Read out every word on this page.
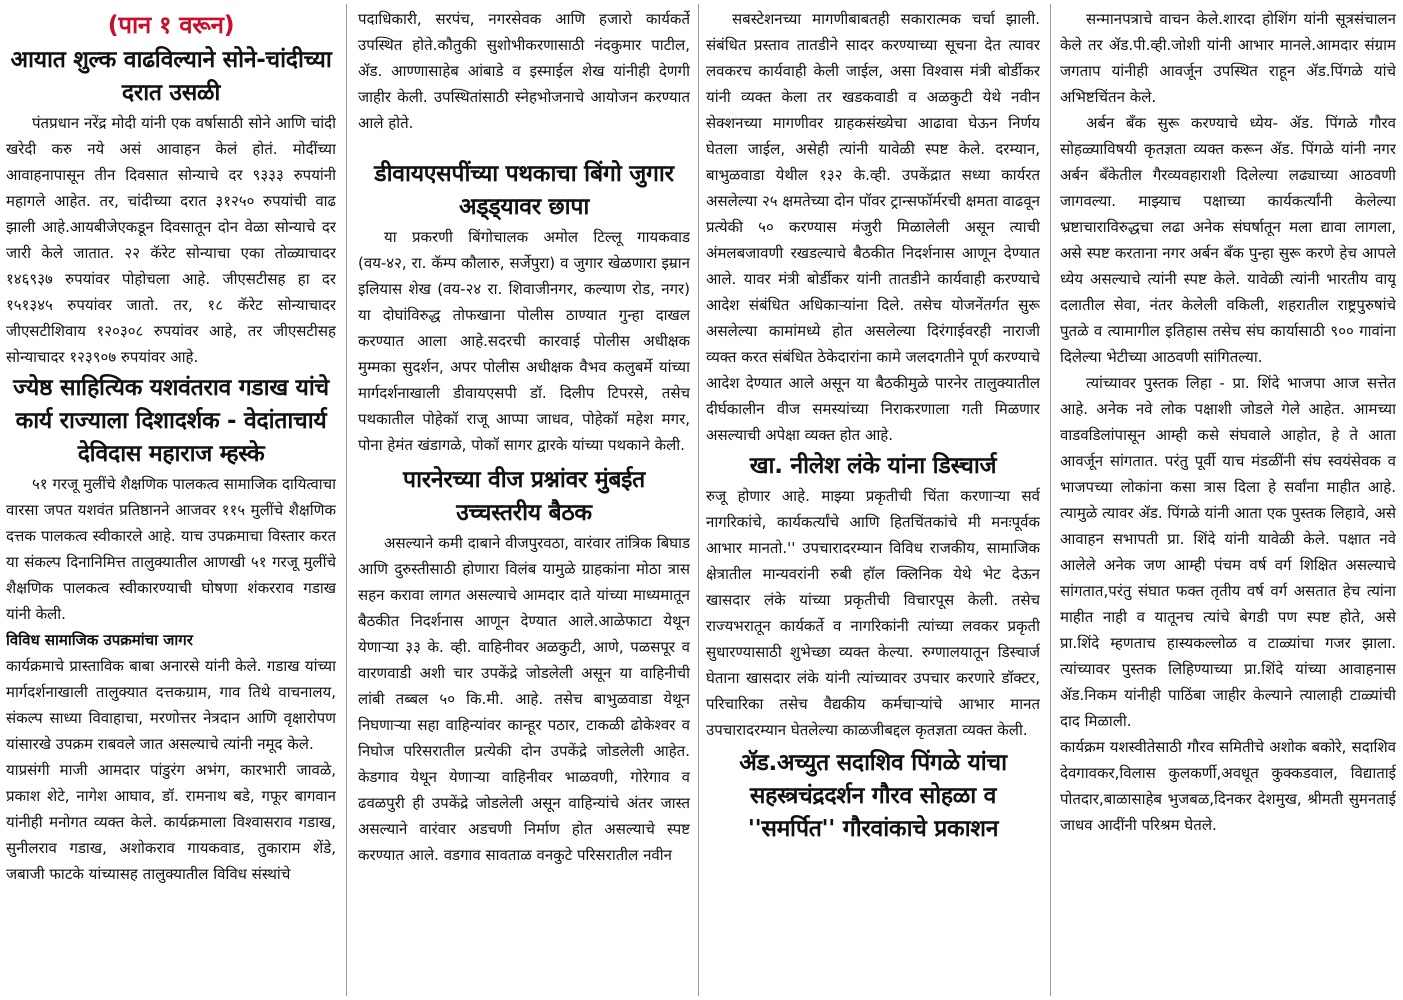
(पान १ वरून)
आयात शुल्क वाढविल्याने सोने-चांदीच्या दरात उसळी

पंतप्रधान नरेंद्र मोदी यांनी एक वर्षासाठी सोने आणि चांदी खरेदी करु नये असं आवाहन केलं होतं. मोदींच्या आवाहनापासून तीन दिवसात सोन्याचे दर ९३३३ रुपयांनी महागले आहेत. तर, चांदीच्या दरात ३१२५० रुपयांची वाढ झाली आहे.आयबीजेएकडून दिवसातून दोन वेळा सोन्याचे दर जारी केले जातात. २२ कॅरेट सोन्याचा एका तोळ्याचादर १४६९३७ रुपयांवर पोहोचला आहे. जीएसटीसह हा दर १५१३४५ रुपयांवर जातो. तर, १८ कॅरेट सोन्याचादर जीएसटीशिवाय १२०३०८ रुपयांवर आहे, तर जीएसटीसह सोन्याचादर १२३९०७ रुपयांवर आहे.

ज्येष्ठ साहित्यिक यशवंतराव गडाख यांचे कार्य राज्याला दिशादर्शक - वेदांताचार्य देविदास महाराज म्हस्के

५१ गरजू मुलींचे शैक्षणिक पालकत्व सामाजिक दायित्वाचा वारसा जपत यशवंत प्रतिष्ठानने आजवर ११५ मुलींचे शैक्षणिक दत्तक पालकत्व स्वीकारले आहे. याच उपक्रमाचा विस्तार करत या संकल्प दिनानिमित्त तालुक्यातील आणखी ५१ गरजू मुलींचे शैक्षणिक पालकत्व स्वीकारण्याची घोषणा शंकरराव गडाख यांनी केली.

विविध सामाजिक उपक्रमांचा जागर

कार्यक्रमाचे प्रास्ताविक बाबा अनारसे यांनी केले. गडाख यांच्या मार्गदर्शनाखाली तालुक्यात दत्तकग्राम, गाव तिथे वाचनालय, संकल्प साध्या विवाहाचा, मरणोत्तर नेत्रदान आणि वृक्षारोपण यांसारखे उपक्रम राबवले जात असल्याचे त्यांनी नमूद केले.

याप्रसंगी माजी आमदार पांडुरंग अभंग, कारभारी जावळे, प्रकाश शेटे, नागेश आघाव, डॉ. रामनाथ बडे, गफूर बागवान यांनीही मनोगत व्यक्त केले. कार्यक्रमाला विश्वासराव गडाख, सुनीलराव गडाख, अशोकराव गायकवाड, तुकाराम शेंडे, जबाजी फाटके यांच्यासह तालुक्यातील विविध संस्थांचे

पदाधिकारी, सरपंच, नगरसेवक आणि हजारो कार्यकर्ते उपस्थित होते.कौतुकी सुशोभीकरणासाठी नंदकुमार पाटील, ॲड. आण्णासाहेब आंबाडे व इस्माईल शेख यांनीही देणगी जाहीर केली. उपस्थितांसाठी स्नेहभोजनाचे आयोजन करण्यात आले होते.

डीवायएसपींच्या पथकाचा बिंगो जुगार अड्ड्यावर छापा

या प्रकरणी बिंगोचालक अमोल टिल्लू गायकवाड (वय-४२, रा. कॅम्प कौलारु, सर्जेपुरा) व जुगार खेळणारा इम्रान इलियास शेख (वय-२४ रा. शिवाजीनगर, कल्याण रोड, नगर) या दोघांविरुद्ध तोफखाना पोलीस ठाण्यात गुन्हा दाखल करण्यात आला आहे.सदरची कारवाई पोलीस अधीक्षक मुम्मका सुदर्शन, अपर पोलीस अधीक्षक वैभव कलुबर्मे यांच्या मार्गदर्शनाखाली डीवायएसपी डॉ. दिलीप टिपरसे, तसेच पथकातील पोहेकॉ राजू आप्पा जाधव, पोहेकॉ महेश मगर, पोना हेमंत खंडागळे, पोकॉ सागर द्वारके यांच्या पथकाने केली.

पारनेरच्या वीज प्रश्नांवर मुंबईत उच्चस्तरीय बैठक

असल्याने कमी दाबाने वीजपुरवठा, वारंवार तांत्रिक बिघाड आणि दुरुस्तीसाठी होणारा विलंब यामुळे ग्राहकांना मोठा त्रास सहन करावा लागत असल्याचे आमदार दाते यांच्या माध्यमातून बैठकीत निदर्शनास आणून देण्यात आले.आळेफाटा येथून येणाऱ्या ३३ के. व्ही. वाहिनीवर अळकुटी, आणे, पळसपूर व वारणवाडी अशी चार उपकेंद्रे जोडलेली असून या वाहिनीची लांबी तब्बल ५० कि.मी. आहे. तसेच बाभुळवाडा येथून निघणाऱ्या सहा वाहिन्यांवर कान्हूर पठार, टाकळी ढोकेश्वर व निघोज परिसरातील प्रत्येकी दोन उपकेंद्रे जोडलेली आहेत. केडगाव येथून येणाऱ्या वाहिनीवर भाळवणी, गोरेगाव व ढवळपुरी ही उपकेंद्रे जोडलेली असून वाहिन्यांचे अंतर जास्त असल्याने वारंवार अडचणी निर्माण होत असल्याचे स्पष्ट करण्यात आले. वडगाव सावताळ वनकुटे परिसरातील नवीन

सबस्टेशनच्या मागणीबाबतही सकारात्मक चर्चा झाली. संबंधित प्रस्ताव तातडीने सादर करण्याच्या सूचना देत त्यावर लवकरच कार्यवाही केली जाईल, असा विश्वास मंत्री बोर्डीकर यांनी व्यक्त केला तर खडकवाडी व अळकुटी येथे नवीन सेक्शनच्या मागणीवर ग्राहकसंख्येचा आढावा घेऊन निर्णय घेतला जाईल, असेही त्यांनी यावेळी स्पष्ट केले. दरम्यान, बाभुळवाडा येथील १३२ के.व्ही. उपकेंद्रात सध्या कार्यरत असलेल्या २५ क्षमतेच्या दोन पॉवर ट्रान्सफॉर्मरची क्षमता वाढवून प्रत्येकी ५० करण्यास मंजुरी मिळालेली असून त्याची अंमलबजावणी रखडल्याचे बैठकीत निदर्शनास आणून देण्यात आले. यावर मंत्री बोर्डीकर यांनी तातडीने कार्यवाही करण्याचे आदेश संबंधित अधिकाऱ्यांना दिले. तसेच योजनेंतर्गत सुरू असलेल्या कामांमध्ये होत असलेल्या दिरंगाईवरही नाराजी व्यक्त करत संबंधित ठेकेदारांना कामे जलदगतीने पूर्ण करण्याचे आदेश देण्यात आले असून या बैठकीमुळे पारनेर तालुक्यातील दीर्घकालीन वीज समस्यांच्या निराकरणाला गती मिळणार असल्याची अपेक्षा व्यक्त होत आहे.

खा. नीलेश लंके यांना डिस्चार्ज

रुजू होणार आहे. माझ्या प्रकृतीची चिंता करणाऱ्या सर्व नागरिकांचे, कार्यकर्त्यांचे आणि हितचिंतकांचे मी मनःपूर्वक आभार मानतो.'' उपचारादरम्यान विविध राजकीय, सामाजिक क्षेत्रातील मान्यवरांनी रुबी हॉल क्लिनिक येथे भेट देऊन खासदार लंके यांच्या प्रकृतीची विचारपूस केली. तसेच राज्यभरातून कार्यकर्ते व नागरिकांनी त्यांच्या लवकर प्रकृती सुधारण्यासाठी शुभेच्छा व्यक्त केल्या. रुग्णालयातून डिस्चार्ज घेताना खासदार लंके यांनी त्यांच्यावर उपचार करणारे डॉक्टर, परिचारिका तसेच वैद्यकीय कर्मचाऱ्यांचे आभार मानत उपचारादरम्यान घेतलेल्या काळजीबद्दल कृतज्ञता व्यक्त केली.

ॲड.अच्युत सदाशिव पिंगळे यांचा सहस्त्रचंद्रदर्शन गौरव सोहळा व ''समर्पित'' गौरवांकाचे प्रकाशन

सन्मानपत्राचे वाचन केले.शारदा होशिंग यांनी सूत्रसंचालन केले तर ॲड.पी.व्ही.जोशी यांनी आभार मानले.आमदार संग्राम जगताप यांनीही आवर्जून उपस्थित राहून ॲड.पिंगळे यांचे अभिष्टचिंतन केले.

अर्बन बँक सुरू करण्याचे ध्येय- ॲड. पिंगळे गौरव सोहळ्याविषयी कृतज्ञता व्यक्त करून ॲड. पिंगळे यांनी नगर अर्बन बँकेतील गैरव्यवहाराशी दिलेल्या लढ्याच्या आठवणी जागवल्या. माझ्याच पक्षाच्या कार्यकर्त्यांनी केलेल्या भ्रष्टाचाराविरुद्धचा लढा अनेक संघर्षातून मला द्यावा लागला, असे स्पष्ट करताना नगर अर्बन बँक पुन्हा सुरू करणे हेच आपले ध्येय असल्याचे त्यांनी स्पष्ट केले. यावेळी त्यांनी भारतीय वायू दलातील सेवा, नंतर केलेली वकिली, शहरातील राष्ट्रपुरुषांचे पुतळे व त्यामागील इतिहास तसेच संघ कार्यासाठी ९०० गावांना दिलेल्या भेटीच्या आठवणी सांगितल्या.

त्यांच्यावर पुस्तक लिहा - प्रा. शिंदे भाजपा आज सत्तेत आहे. अनेक नवे लोक पक्षाशी जोडले गेले आहेत. आमच्या वाडवडिलांपासून आम्ही कसे संघवाले आहोत, हे ते आता आवर्जून सांगतात. परंतु पूर्वी याच मंडळींनी संघ स्वयंसेवक व भाजपच्या लोकांना कसा त्रास दिला हे सर्वांना माहीत आहे. त्यामुळे त्यावर ॲड. पिंगळे यांनी आता एक पुस्तक लिहावे, असे आवाहन सभापती प्रा. शिंदे यांनी यावेळी केले. पक्षात नवे आलेले अनेक जण आम्ही पंचम वर्ष वर्ग शिक्षित असल्याचे सांगतात,परंतु संघात फक्त तृतीय वर्ष वर्ग असतात हेच त्यांना माहीत नाही व यातूनच त्यांचे बेगडी पण स्पष्ट होते, असे प्रा.शिंदे म्हणताच हास्यकल्लोळ व टाळ्यांचा गजर झाला. त्यांच्यावर पुस्तक लिहिण्याच्या प्रा.शिंदे यांच्या आवाहनास ॲड.निकम यांनीही पाठिंबा जाहीर केल्याने त्यालाही टाळ्यांची दाद मिळाली.

कार्यक्रम यशस्वीतेसाठी गौरव समितीचे अशोक बकोरे, सदाशिव देवगावकर,विलास कुलकर्णी,अवधूत कुक्कडवाल, विद्याताई पोतदार,बाळासाहेब भुजबळ,दिनकर देशमुख, श्रीमती सुमनताई जाधव आदींनी परिश्रम घेतले.
